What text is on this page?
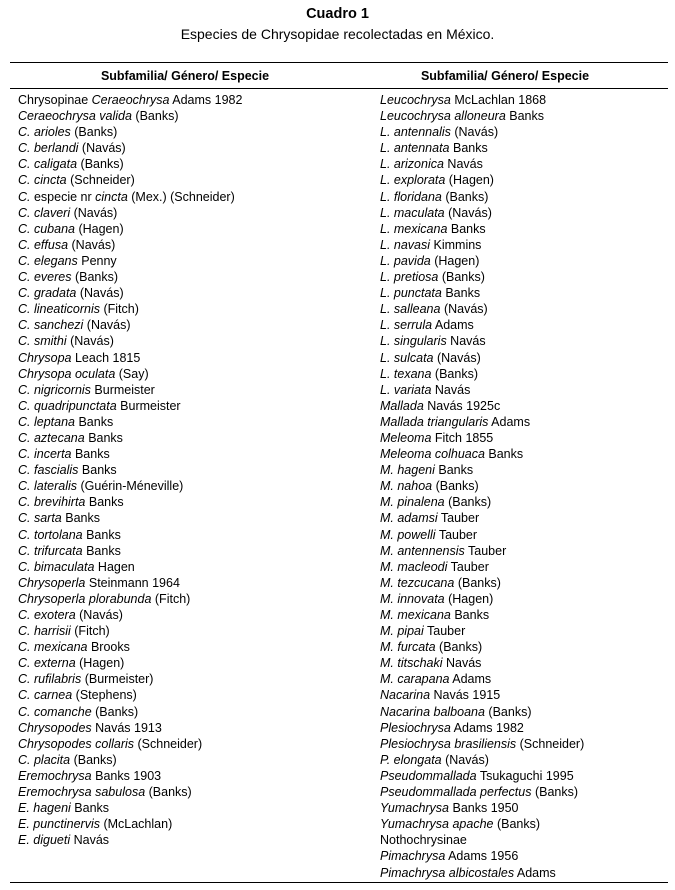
Cuadro 1
Especies de Chrysopidae recolectadas en México.
Subfamilia/ Género/ Especie	Subfamilia/ Género/ Especie
Chrysopinae Ceraeochrysa Adams 1982
Ceraeochrysa valida (Banks)
C. arioles (Banks)
C. berlandi (Navás)
C. caligata (Banks)
C. cincta (Schneider)
C. especie nr cincta (Mex.) (Schneider)
C. claveri (Navás)
C. cubana (Hagen)
C. effusa (Navás)
C. elegans Penny
C. everes (Banks)
C. gradata (Navás)
C. lineaticornis (Fitch)
C. sanchezi (Navás)
C. smithi (Navás)
Chrysopa Leach 1815
Chrysopa oculata (Say)
C. nigricornis Burmeister
C. quadripunctata Burmeister
C. leptana Banks
C. aztecana Banks
C. incerta Banks
C. fascialis Banks
C. lateralis (Guérin-Méneville)
C. brevihirta Banks
C. sarta Banks
C. tortolana Banks
C. trifurcata Banks
C. bimaculata Hagen
Chrysoperla Steinmann 1964
Chrysoperla plorabunda (Fitch)
C. exotera (Navás)
C. harrisii (Fitch)
C. mexicana Brooks
C. externa (Hagen)
C. rufilabris (Burmeister)
C. carnea (Stephens)
C. comanche (Banks)
Chrysopodes Navás 1913
Chrysopodes collaris (Schneider)
C. placita (Banks)
Eremochrysa Banks 1903
Eremochrysa sabulosa (Banks)
E. hageni Banks
E. punctinervis (McLachlan)
E. digueti Navás
Leucochrysa McLachlan 1868
Leucochrysa alloneura Banks
L. antennalis (Navás)
L. antennata Banks
L. arizonica Navás
L. explorata (Hagen)
L. floridana (Banks)
L. maculata (Navás)
L. mexicana Banks
L. navasi Kimmins
L. pavida (Hagen)
L. pretiosa (Banks)
L. punctata Banks
L. salleana (Navás)
L. serrula Adams
L. singularis Navás
L. sulcata (Navás)
L. texana (Banks)
L. variata Navás
Mallada Navás 1925c
Mallada triangularis Adams
Meleoma Fitch 1855
Meleoma colhuaca Banks
M. hageni Banks
M. nahoa (Banks)
M. pinalena (Banks)
M. adamsi Tauber
M. powelli Tauber
M. antennensis Tauber
M. macleodi Tauber
M. tezcucana (Banks)
M. innovata (Hagen)
M. mexicana Banks
M. pipai Tauber
M. furcata (Banks)
M. titschaki Navás
M. carapana Adams
Nacarina Navás 1915
Nacarina balboana (Banks)
Plesiochrysa Adams 1982
Plesiochrysa brasiliensis (Schneider)
P. elongata (Navás)
Pseudommallada Tsukaguchi 1995
Pseudommallada perfectus (Banks)
Yumachrysa Banks 1950
Yumachrysa apache (Banks)
Nothochrysinae
Pimachrysa Adams 1956
Pimachrysa albicostales Adams
